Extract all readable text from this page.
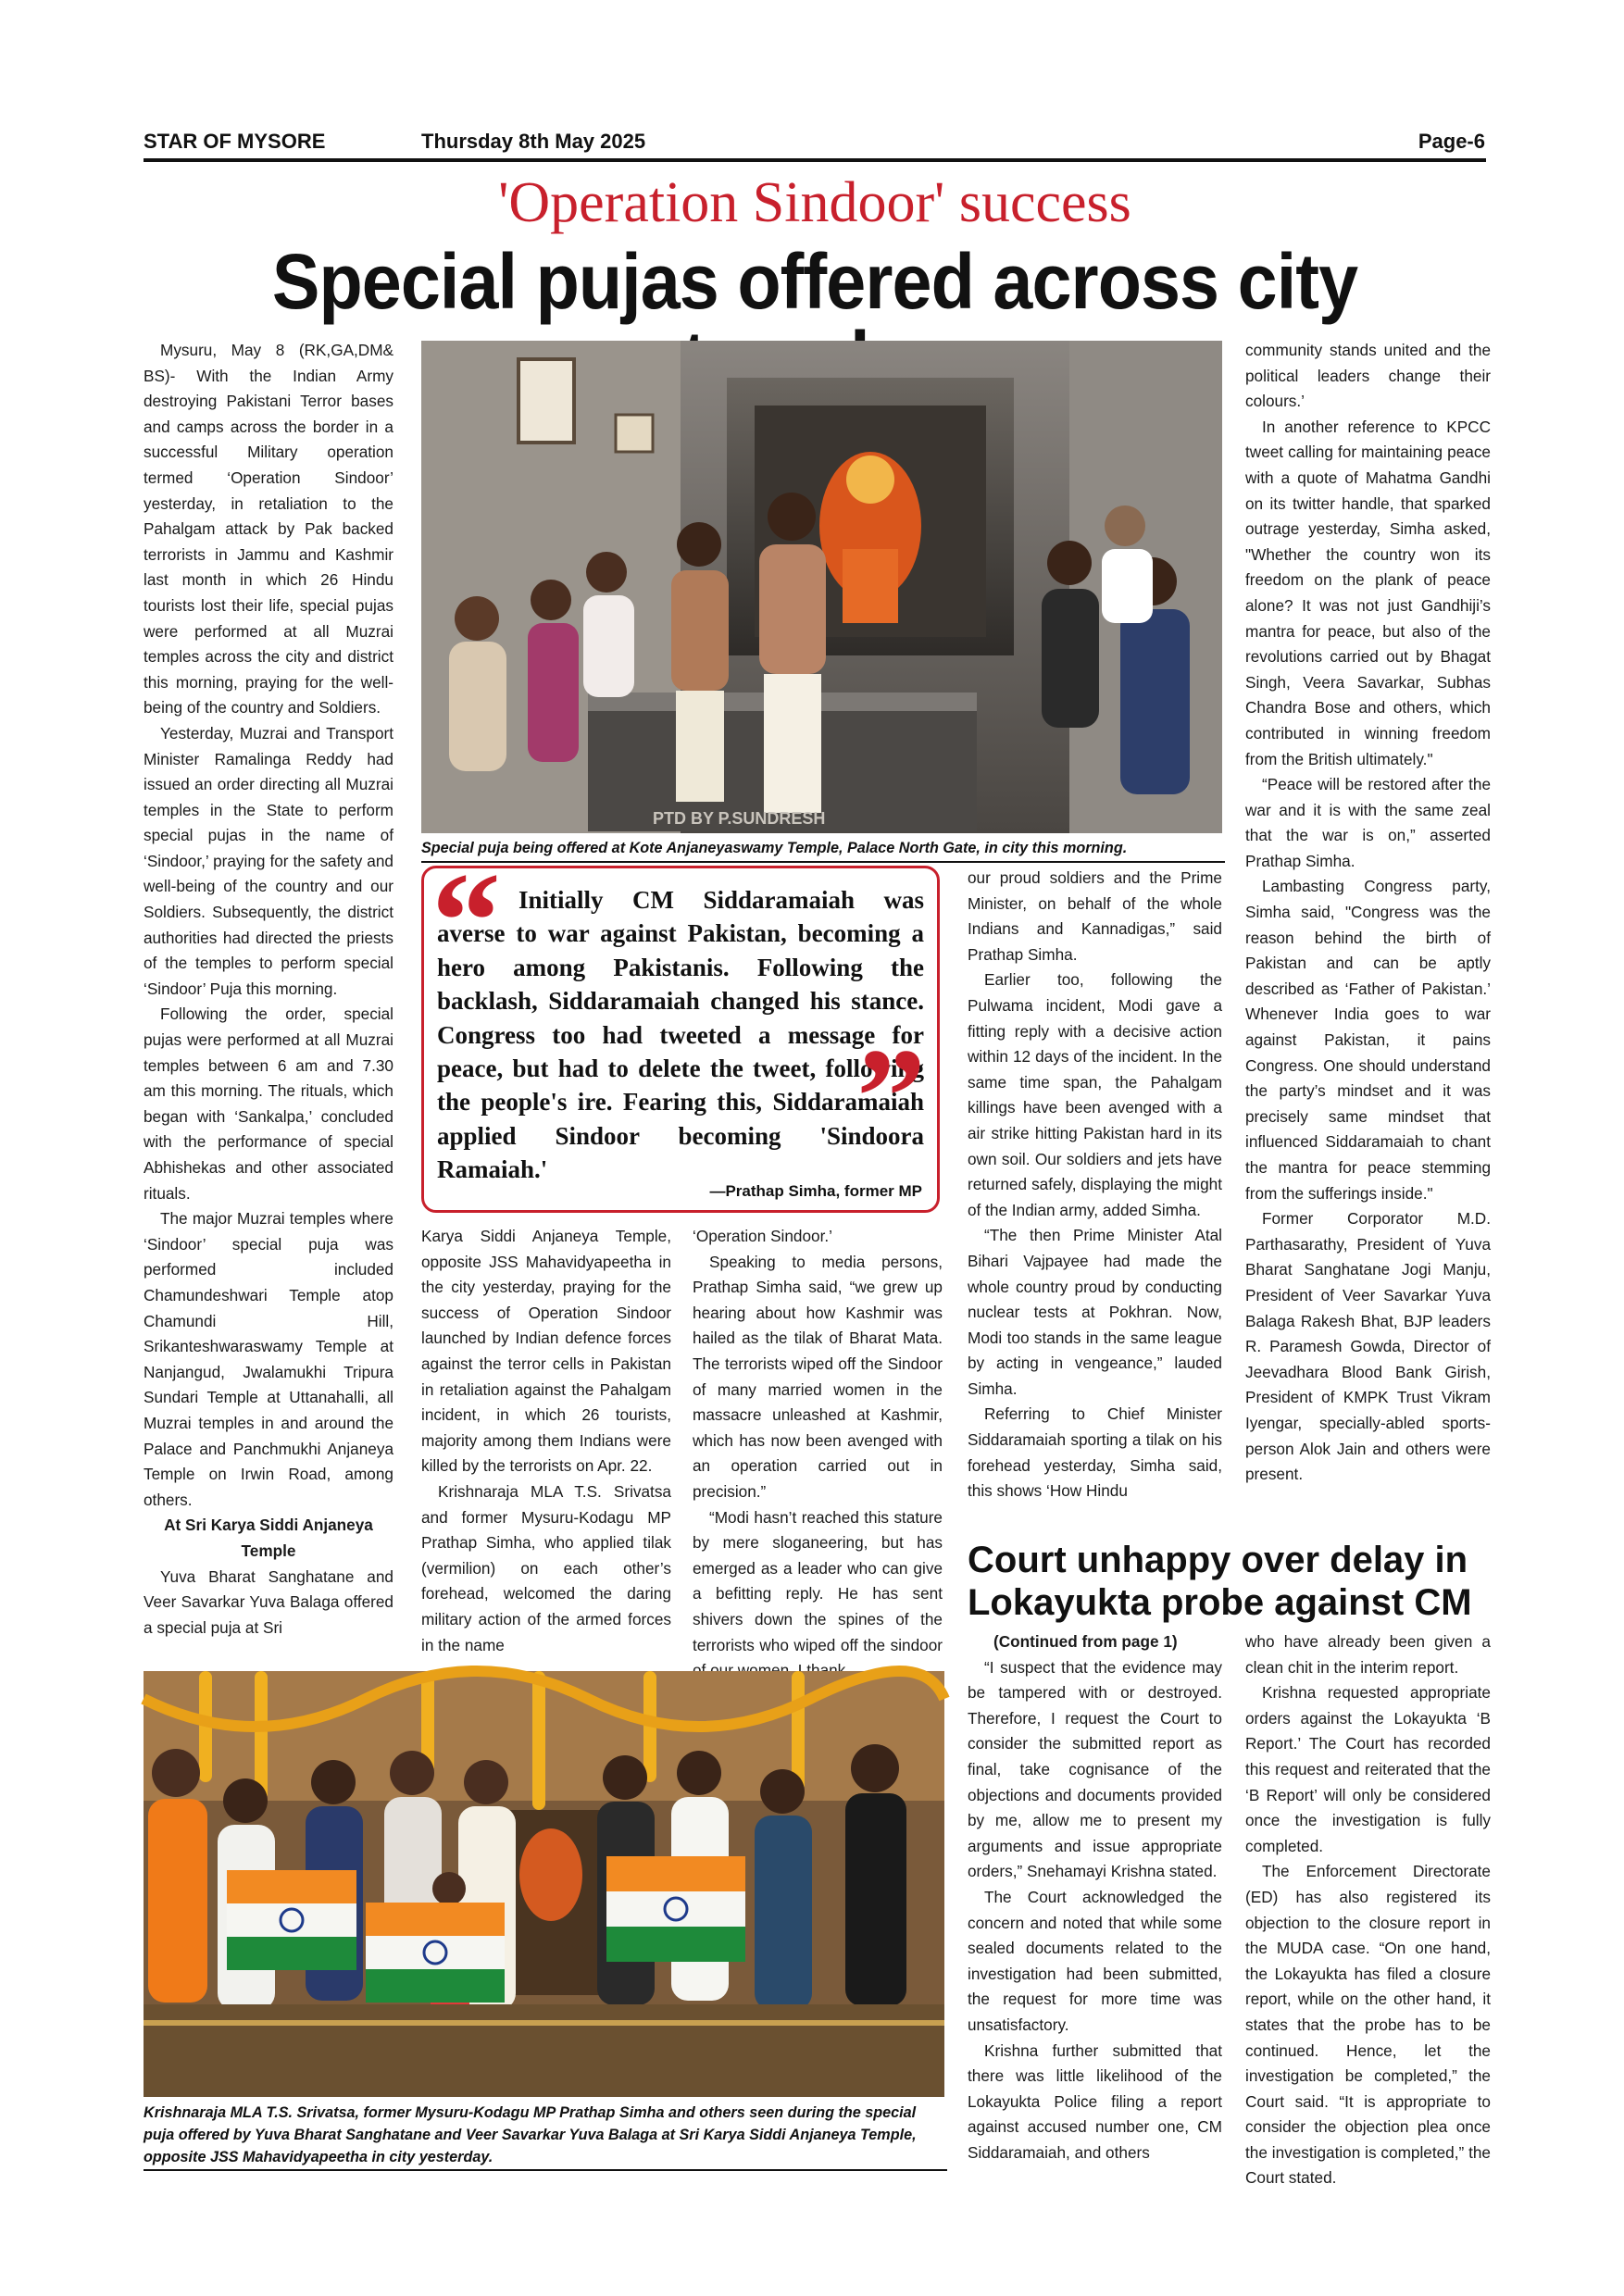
STAR OF MYSORE	Thursday 8th May 2025	Page-6
'Operation Sindoor' success
Special pujas offered across city

Mysuru, May 8 (RK,GA,DM& BS)- With the Indian Army destroying Pakistani Terror bases and camps across the border in a successful Military operation termed ‘Operation Sindoor’ yesterday, in retaliation to the Pahalgam attack by Pak backed terrorists in Jammu and Kashmir last month in which 26 Hindu tourists lost their life, special pujas were performed at all Muzrai temples across the city and district this morning, praying for the well-being of the country and Soldiers.

Yesterday, Muzrai and Transport Minister Ramalinga Reddy had issued an order directing all Muzrai temples in the State to perform special pujas in the name of ‘Sindoor,’ praying for the safety and well-being of the country and our Soldiers. Subsequently, the district authorities had directed the priests of the temples to perform special ‘Sindoor’ Puja this morning.

Following the order, special pujas were performed at all Muzrai temples between 6 am and 7.30 am this morning. The rituals, which began with ‘Sankalpa,’ concluded with the performance of special Abhishekas and other associated rituals.

The major Muzrai temples where ‘Sindoor’ special puja was performed included Chamundeshwari Temple atop Chamundi Hill, Srikanteshwaraswamy Temple at Nanjangud, Jwalamukhi Tripura Sundari Temple at Uttanahalli, all Muzrai temples in and around the Palace and Panchmukhi Anjaneya Temple on Irwin Road, among others.

At Sri Karya Siddi Anjaneya Temple

Yuva Bharat Sanghatane and Veer Savarkar Yuva Balaga offered a special puja at Sri

PTD BY P.SUNDRESH
Special puja being offered at Kote Anjaneyaswamy Temple, Palace North Gate, in city this morning.
“
”
Initially CM Siddaramaiah was averse to war against Pakistan, becoming a hero among Pakistanis. Following the backlash, Siddaramaiah changed his stance. Congress too had tweeted a message for peace, but had to delete the tweet, following the people's ire. Fearing this, Siddaramaiah applied Sindoor becoming 'Sindoora Ramaiah.'
—Prathap Simha, former MP

Karya Siddi Anjaneya Temple, opposite JSS Mahavidyapeetha in the city yesterday, praying for the success of Operation Sindoor launched by Indian defence forces against the terror cells in Pakistan in retaliation against the Pahalgam incident, in which 26 tourists, majority among them Indians were killed by the terrorists on Apr. 22.

Krishnaraja MLA T.S. Srivatsa and former Mysuru-Kodagu MP Prathap Simha, who applied tilak (vermilion) on each other’s forehead, welcomed the daring military action of the armed forces in the name

‘Operation Sindoor.’

Speaking to media persons, Prathap Simha said, “we grew up hearing about how Kashmir was hailed as the tilak of Bharat Mata. The terrorists wiped off the Sindoor of many married women in the massacre unleashed at Kashmir, which has now been avenged with an operation carried out in precision.”

“Modi hasn’t reached this stature by mere sloganeering, but has emerged as a leader who can give a befitting reply. He has sent shivers down the spines of the terrorists who wiped off the sindoor

our proud soldiers and the Prime Minister, on behalf of the whole Indians and Kannadigas,” said Prathap Simha.

Earlier too, following the Pulwama incident, Modi gave a fitting reply with a decisive action within 12 days of the incident. In the same time span, the Pahalgam killings have been avenged with a air strike hitting Pakistan hard in its own soil. Our soldiers and jets have returned safely, displaying the might of the Indian army, added Simha.

“The then Prime Minister Atal Bihari Vajpayee had made the whole country proud by conducting nuclear tests at Pokhran. Now, Modi too stands in the same league by acting in vengeance,” lauded Simha.

Referring to Chief Minister Siddaramaiah sporting a tilak on his forehead yesterday, Simha said, this shows ‘How Hindu

community stands united and the political leaders change their colours.’

In another reference to KPCC tweet calling for maintaining peace with a quote of Mahatma Gandhi on its twitter handle, that sparked outrage yesterday, Simha asked, "Whether the country won its freedom on the plank of peace alone? It was not just Gandhiji’s mantra for peace, but also of the revolutions carried out by Bhagat Singh, Veera Savarkar, Subhas Chandra Bose and others, which contributed in winning freedom from the British ultimately."

“Peace will be restored after the war and it is with the same zeal that the war is on,” asserted Prathap Simha.

Lambasting Congress party, Simha said, "Congress was the reason behind the birth of Pakistan and can be aptly described as ‘Father of Pakistan.’ Whenever India goes to war against Pakistan, it pains Congress. One should understand the party’s mindset and it was precisely same mindset that influenced Siddaramaiah to chant the mantra for peace stemming from the sufferings inside."

Former Corporator M.D. Parthasarathy, President of Yuva Bharat Sanghatane Jogi Manju, President of Veer Savarkar Yuva Balaga Rakesh Bhat, BJP leaders R. Paramesh Gowda, Director of Jeevadhara Blood Bank Girish, President of KMPK Trust Vikram Iyengar, specially-abled sports-person Alok Jain and others were present.

Krishnaraja MLA T.S. Srivatsa, former Mysuru-Kodagu MP Prathap Simha and others seen during the special puja offered by Yuva Bharat Sanghatane and Veer Savarkar Yuva Balaga at Sri Karya Siddi Anjaneya Temple, opposite JSS Mahavidyapeetha in city yesterday.
Court unhappy over delay in Lokayukta probe against CM

(Continued from page 1)

“I suspect that the evidence may be tampered with or destroyed. Therefore, I request the Court to consider the submitted report as final, take cognisance of the objections and documents provided by me, allow me to present my arguments and issue appropriate orders,” Snehamayi Krishna stated.

The Court acknowledged the concern and noted that while some sealed documents related to the investigation had been submitted, the request for more time was unsatisfactory.

Krishna further submitted that there was little likelihood of the Lokayukta Police filing a report against accused number one, CM Siddaramaiah, and others

who have already been given a clean chit in the interim report.

Krishna requested appropriate orders against the Lokayukta ‘B Report.’ The Court has recorded this request and reiterated that the ‘B Report’ will only be considered once the investigation is fully completed.

The Enforcement Directorate (ED) has also registered its objection to the closure report in the MUDA case. “On one hand, the Lokayukta has filed a closure report, while on the other hand, it states that the probe has to be continued. Hence, let the investigation be completed,” the Court said. “It is appropriate to consider the objection plea once the investigation is completed,” the Court stated.
